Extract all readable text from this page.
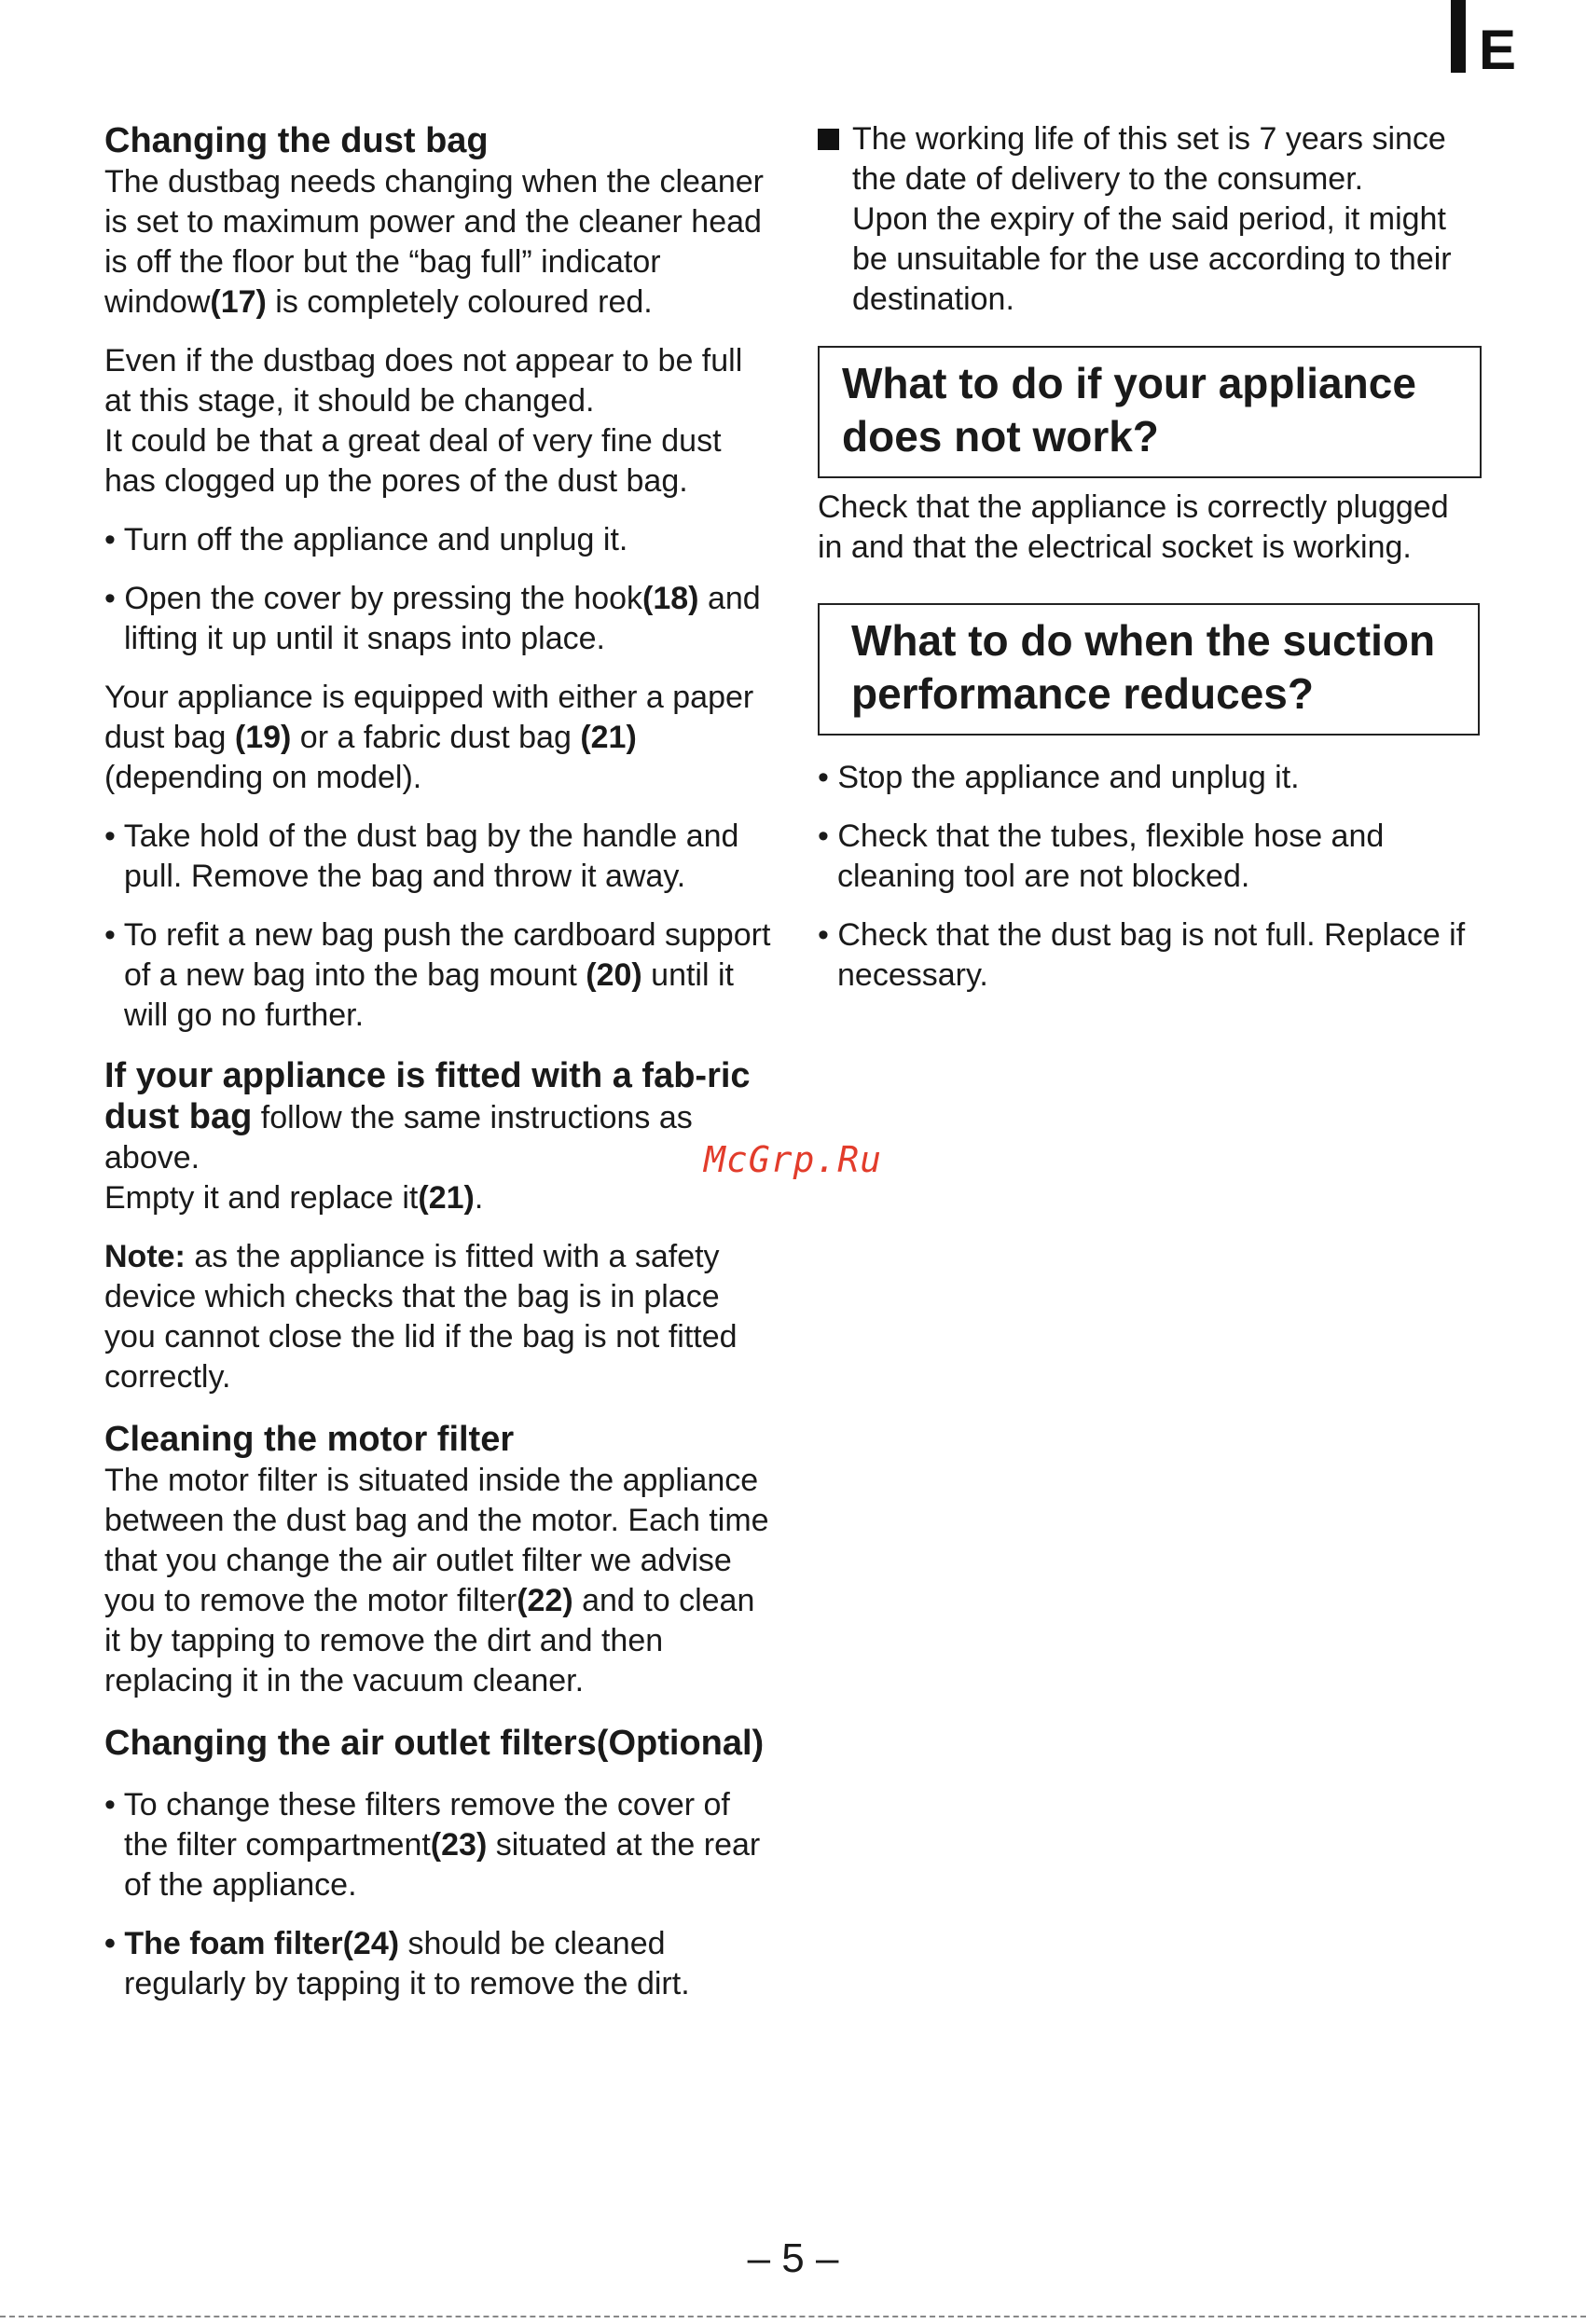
E
Changing the dust bag

The dustbag needs changing when the cleaner is set to maximum power and the cleaner head is off the floor but the “bag full” indicator window(17) is completely coloured red.

Even if the dustbag does not appear to be full at this stage, it should be changed.

It could be that a great deal of very fine dust has clogged up the pores of the dust bag.

• Turn off the appliance and unplug it.

• Open the cover by pressing the hook(18) and lifting it up until it snaps into place.

Your appliance is equipped with either a paper dust bag (19) or a fabric dust bag (21) (depending on model).

• Take hold of the dust bag by the handle and pull. Remove the bag and throw it away.

• To refit a new bag push the cardboard support of a new bag into the bag mount (20) until it will go no further.

If your appliance is fitted with a fab-ric dust bag follow the same instructions as above.

Empty it and replace it(21).

Note: as the appliance is fitted with a safety device which checks that the bag is in place you cannot close the lid if the bag is not fitted correctly.

Cleaning the motor filter

The motor filter is situated inside the appliance between the dust bag and the motor. Each time that you change the air outlet filter we advise you to remove the motor filter(22) and to clean it by tapping to remove the dirt and then replacing it in the vacuum cleaner.

Changing the air outlet filters(Optional)

• To change these filters remove the cover of the filter compartment(23) situated at the rear of the appliance.

• The foam filter(24) should be cleaned regularly by tapping it to remove the dirt.

The working life of this set is 7 years since the date of delivery to the consumer.

Upon the expiry of the said period, it might be unsuitable for the use according to their destination.

What to do if your appliance does not work?

Check that the appliance is correctly plugged in and that the electrical socket is working.

What to do when the suction performance reduces?

• Stop the appliance and unplug it.

• Check that the tubes, flexible hose and cleaning tool are not blocked.

• Check that the dust bag is not full. Replace if necessary.

McGrp.Ru
– 5 –
